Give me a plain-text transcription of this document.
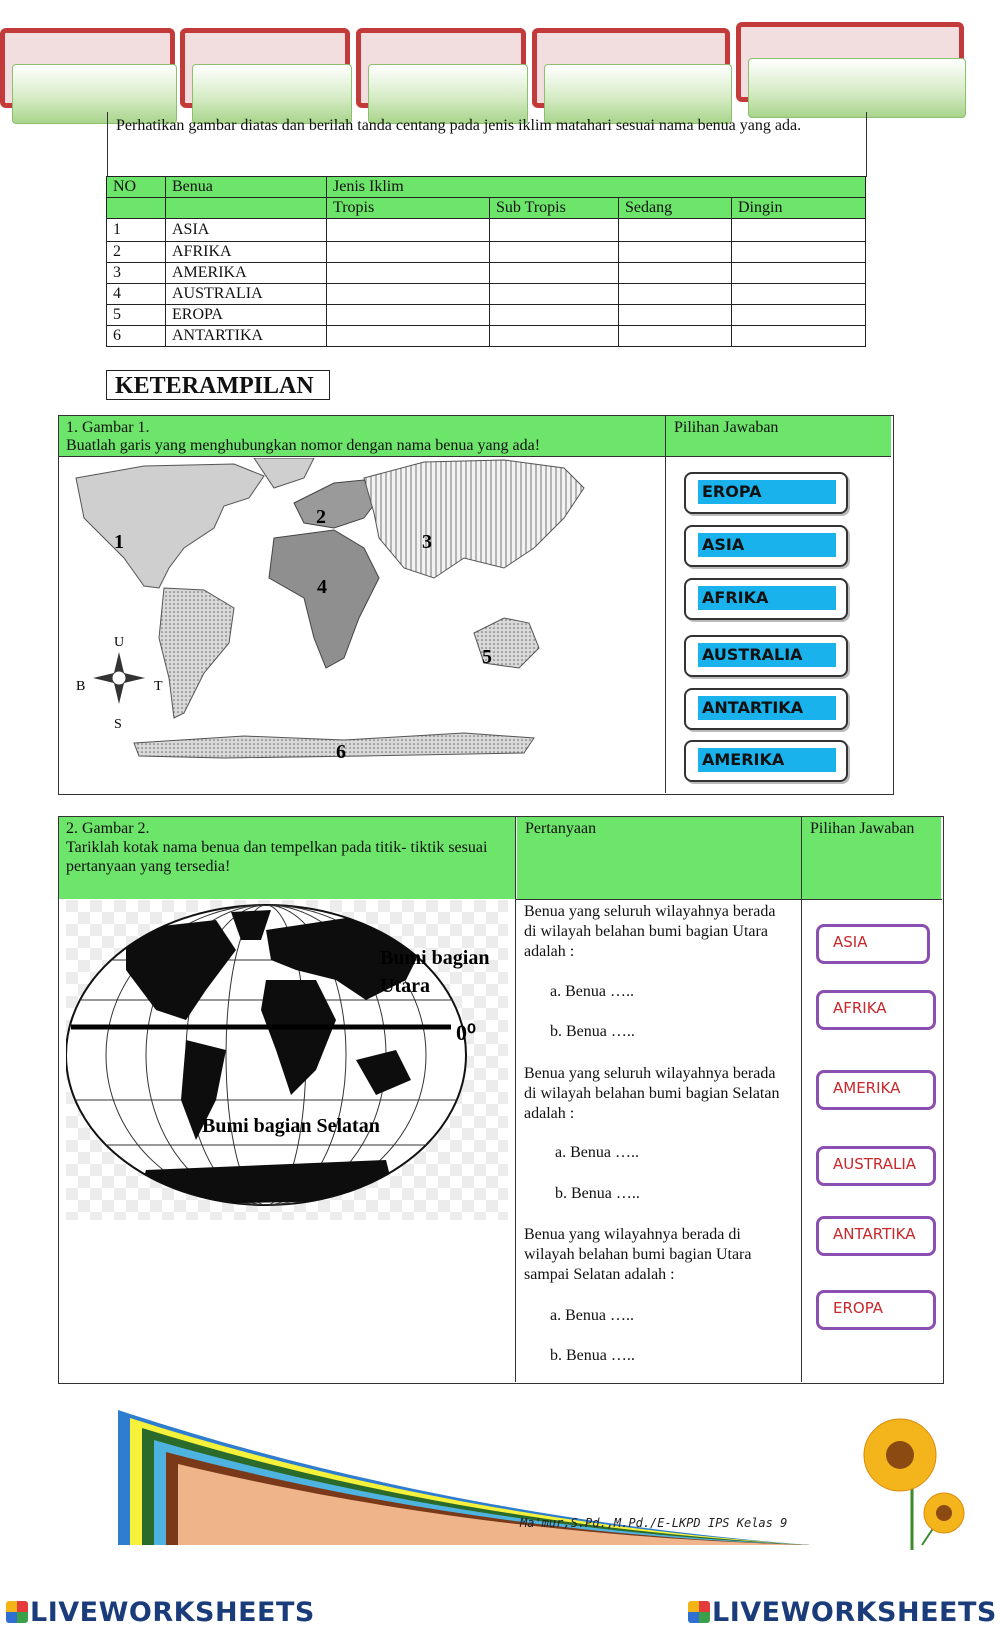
Perhatikan gambar diatas dan berilah tanda centang pada jenis iklim matahari sesuai nama benua yang ada.
NO	Benua	Jenis Iklim			
		Tropis	Sub Tropis	Sedang	Dingin
1	ASIA				
2	AFRIKA				
3	AMERIKA				
4	AUSTRALIA				
5	EROPA				
6	ANTARTIKA				
KETERAMPILAN
1. Gambar 1.
Buatlah garis yang menghubungkan nomor dengan nama benua yang ada!
Pilihan Jawaban
U
S
B	T
1
2
3
4
5
6
EROPA
ASIA
AFRIKA
AUSTRALIA
ANTARTIKA
AMERIKA
2. Gambar 2.
Tariklah kotak nama benua dan tempelkan pada titik- tiktik sesuai pertanyaan yang tersedia!
Pertanyaan	Pilihan Jawaban
Bumi bagian Utara
0⁰
Bumi bagian Selatan
Benua yang seluruh wilayahnya berada di wilayah belahan bumi bagian Utara adalah :
a. Benua …..
b. Benua …..
Benua yang seluruh wilayahnya berada di wilayah belahan bumi bagian Selatan adalah :
a. Benua …..
b. Benua …..
Benua yang wilayahnya berada di wilayah belahan bumi bagian Utara sampai Selatan adalah :
a. Benua …..
b. Benua …..
ASIA
AFRIKA
AMERIKA
AUSTRALIA
ANTARTIKA
EROPA
Ma'mur,S.Pd.,M.Pd./E-LKPD IPS Kelas 9
LIVEWORKSHEETS	LIVEWORKSHEETS
